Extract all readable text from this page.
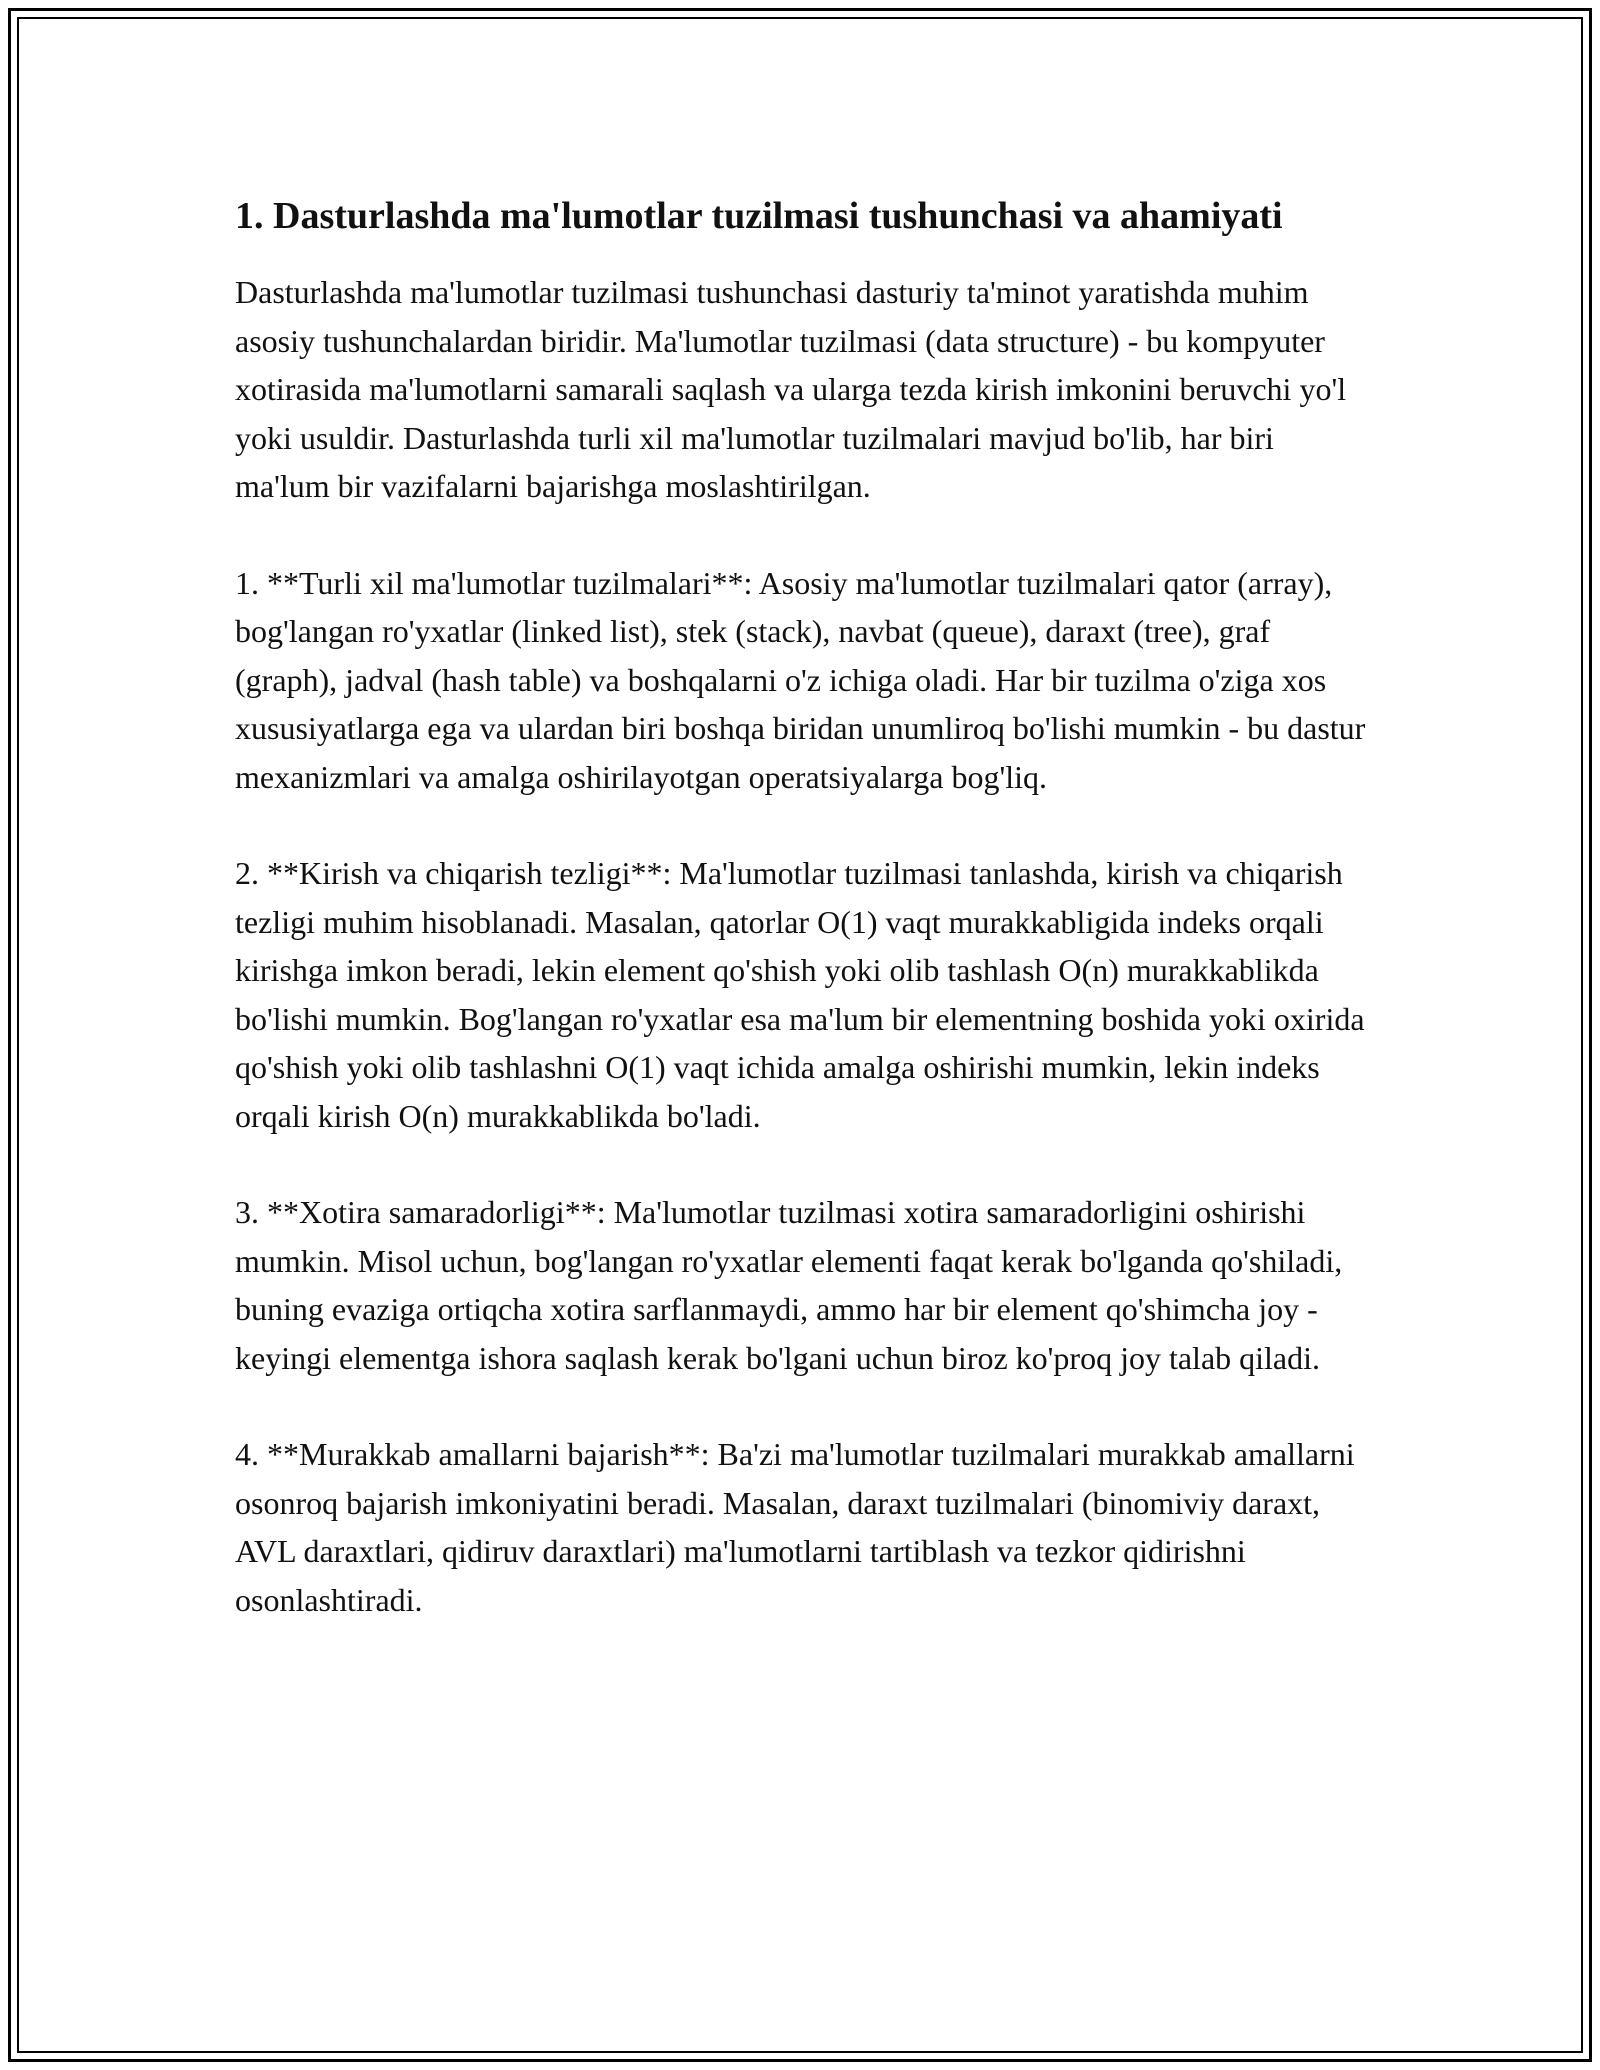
1. Dasturlashda ma'lumotlar tuzilmasi tushunchasi va ahamiyati

Dasturlashda ma'lumotlar tuzilmasi tushunchasi dasturiy ta'minot yaratishda muhim asosiy tushunchalardan biridir. Ma'lumotlar tuzilmasi (data structure) - bu kompyuter xotirasida ma'lumotlarni samarali saqlash va ularga tezda kirish imkonini beruvchi yo'l yoki usuldir. Dasturlashda turli xil ma'lumotlar tuzilmalari mavjud bo'lib, har biri ma'lum bir vazifalarni bajarishga moslashtirilgan.

1. **Turli xil ma'lumotlar tuzilmalari**: Asosiy ma'lumotlar tuzilmalari qator (array), bog'langan ro'yxatlar (linked list), stek (stack), navbat (queue), daraxt (tree), graf (graph), jadval (hash table) va boshqalarni o'z ichiga oladi. Har bir tuzilma o'ziga xos xususiyatlarga ega va ulardan biri boshqa biridan unumliroq bo'lishi mumkin - bu dastur mexanizmlari va amalga oshirilayotgan operatsiyalarga bog'liq.

2. **Kirish va chiqarish tezligi**: Ma'lumotlar tuzilmasi tanlashda, kirish va chiqarish tezligi muhim hisoblanadi. Masalan, qatorlar O(1) vaqt murakkabligida indeks orqali kirishga imkon beradi, lekin element qo'shish yoki olib tashlash O(n) murakkablikda bo'lishi mumkin. Bog'langan ro'yxatlar esa ma'lum bir elementning boshida yoki oxirida qo'shish yoki olib tashlashni O(1) vaqt ichida amalga oshirishi mumkin, lekin indeks orqali kirish O(n) murakkablikda bo'ladi.

3. **Xotira samaradorligi**: Ma'lumotlar tuzilmasi xotira samaradorligini oshirishi mumkin. Misol uchun, bog'langan ro'yxatlar elementi faqat kerak bo'lganda qo'shiladi, buning evaziga ortiqcha xotira sarflanmaydi, ammo har bir element qo'shimcha joy - keyingi elementga ishora saqlash kerak bo'lgani uchun biroz ko'proq joy talab qiladi.

4. **Murakkab amallarni bajarish**: Ba'zi ma'lumotlar tuzilmalari murakkab amallarni osonroq bajarish imkoniyatini beradi. Masalan, daraxt tuzilmalari (binomiviy daraxt, AVL daraxtlari, qidiruv daraxtlari) ma'lumotlarni tartiblash va tezkor qidirishni osonlashtiradi.
